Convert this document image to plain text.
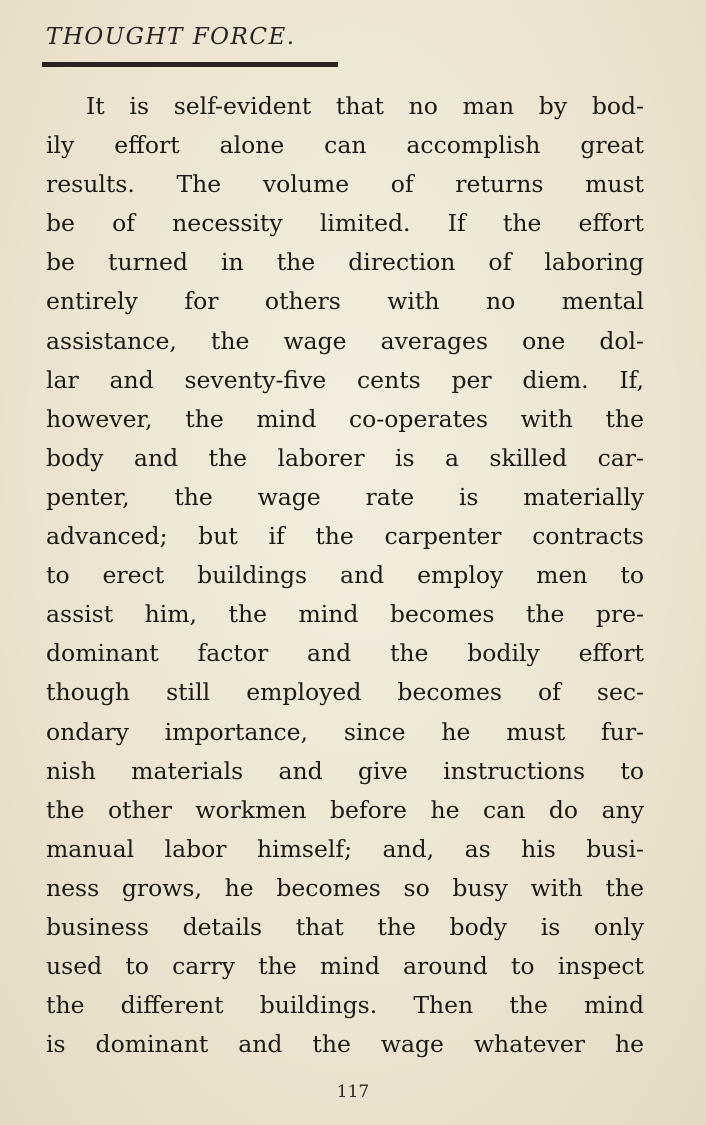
THOUGHT FORCE.
It is self-evident that no man by bod-
ily effort alone can accomplish great
results. The volume of returns must
be of necessity limited. If the effort
be turned in the direction of laboring
entirely for others with no mental
assistance, the wage averages one dol-
lar and seventy-five cents per diem. If,
however, the mind co-operates with the
body and the laborer is a skilled car-
penter, the wage rate is materially
advanced; but if the carpenter contracts
to erect buildings and employ men to
assist him, the mind becomes the pre-
dominant factor and the bodily effort
though still employed becomes of sec-
ondary importance, since he must fur-
nish materials and give instructions to
the other workmen before he can do any
manual labor himself; and, as his busi-
ness grows, he becomes so busy with the
business details that the body is only
used to carry the mind around to inspect
the different buildings. Then the mind
is dominant and the wage whatever he
117
